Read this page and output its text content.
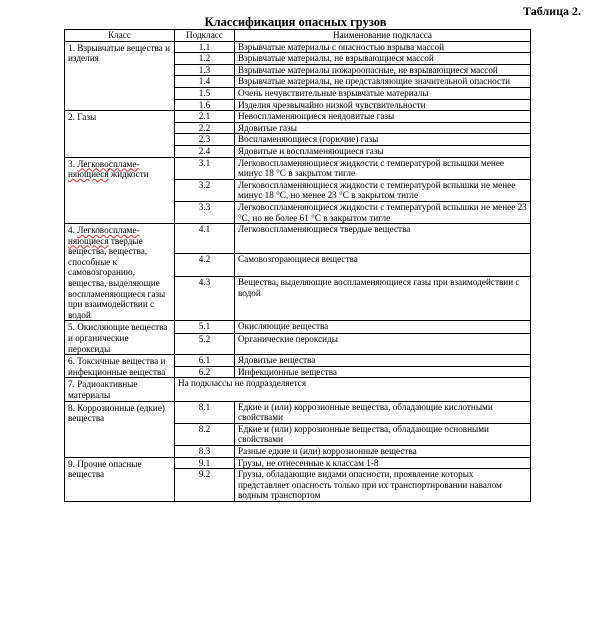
Таблица 2.
Классификация опасных грузов
Класс	Подкласс	Наименование подкласса
1. Взрывчатые вещества и изделия	1.1	Взрывчатые материалы с опасностью взрыва массой
	1.2	Взрывчатые материалы, не взрывающиеся массой
	1.3	Взрывчатые материалы пожароопасные, не взрывающиеся массой
	1.4	Взрывчатые материалы, не представляющие значительной опасности
	1.5	Очень нечувствительные взрывчатые материалы
	1.6	Изделия чрезвычайно низкой чувствительности
2. Газы	2.1	Невоспламеняющиеся неядовитые газы
	2.2	Ядовитые газы
	2.3	Воспламеняющиеся (горючие) газы
	2.4	Ядовитые и воспламеняющиеся газы
3. Легковоспламе-няющиеся жидкости	3.1	Легковоспламеняющиеся жидкости с температурой вспышки менее минус 18 °С в закрытом тигле
	3.2	Легковоспламеняющиеся жидкости с температурой вспышки не менее минус 18 °С, но менее 23 °С в закрытом тигле
	3.3	Легковоспламеняющиеся жидкости с температурой вспышки не менее 23 °С, но не более 61 °С в закрытом тигле
4. Легковоспламе-няющиеся твердые вещества, вещества, способные к самовозгоранию, вещества, выделяющие воспламеняющиеся газы при взаимодействии с водой	4.1	Легковоспламеняющиеся твердые вещества
	4.2	Самовозгорающиеся вещества
	4.3	Вещества, выделяющие воспламеняющиеся газы при взаимодействии с водой
5. Окисляющие вещества и органические пероксиды	5.1	Окисляющие вещества
	5.2	Органические пероксиды
6. Токсичные вещества и инфекционные вещества	6.1	Ядовитые вещества
	6.2	Инфекционные вещества
7. Радиоактивные материалы	На подклассы не подразделяется	
8. Коррозионные (едкие) вещества	8.1	Едкие и (или) коррозионные вещества, обладающие кислотными свойствами
	8.2	Едкие и (или) коррозионные вещества, обладающие основными свойствами
	8.3	Разные едкие и (или) коррозионные вещества
9. Прочие опасные вещества	9.1	Грузы, не отнесенные к классам 1-8
	9.2	Грузы, обладающие видами опасности, проявление которых представляет опасность только при их транспортировании навалом водным транспортом
